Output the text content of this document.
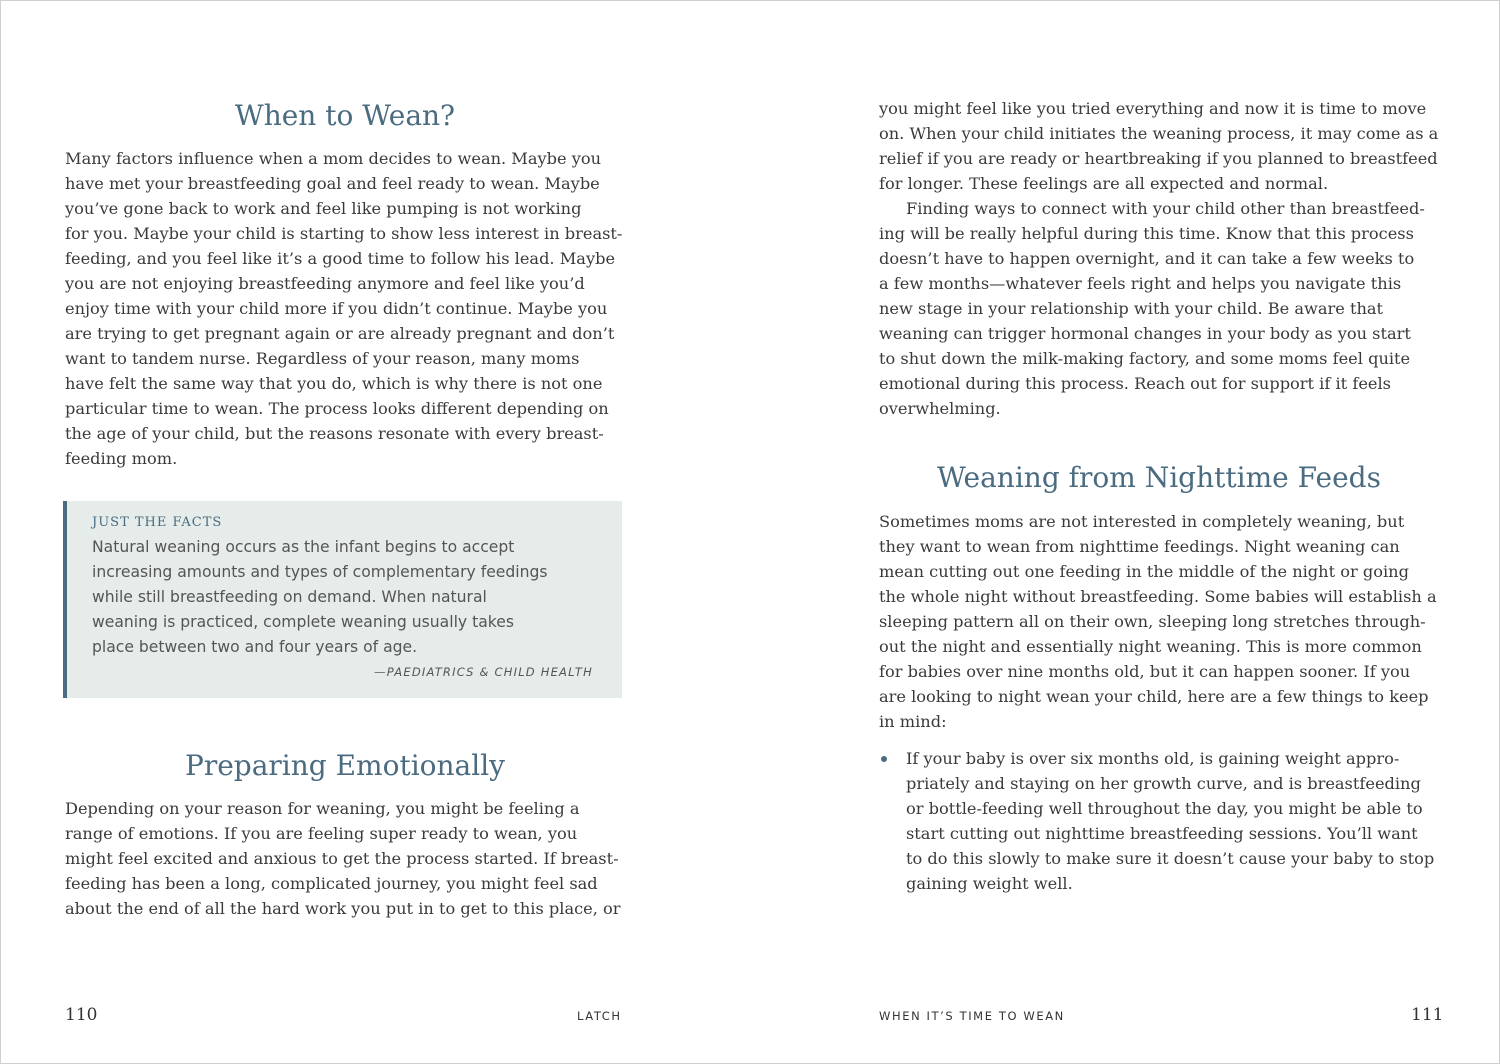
When to Wean?

Many factors influence when a mom decides to wean. Maybe you
have met your breastfeeding goal and feel ready to wean. Maybe
you’ve gone back to work and feel like pumping is not working
for you. Maybe your child is starting to show less interest in breast-
feeding, and you feel like it’s a good time to follow his lead. Maybe
you are not enjoying breastfeeding anymore and feel like you’d
enjoy time with your child more if you didn’t continue. Maybe you
are trying to get pregnant again or are already pregnant and don’t
want to tandem nurse. Regardless of your reason, many moms
have felt the same way that you do, which is why there is not one
particular time to wean. The process looks different depending on
the age of your child, but the reasons resonate with every breast-
feeding mom.

JUST THE FACTS
Natural weaning occurs as the infant begins to accept
increasing amounts and types of complementary feedings
while still breastfeeding on demand. When natural
weaning is practiced, complete weaning usually takes
place between two and four years of age.
—PAEDIATRICS & CHILD HEALTH
Preparing Emotionally

Depending on your reason for weaning, you might be feeling a
range of emotions. If you are feeling super ready to wean, you
might feel excited and anxious to get the process started. If breast-
feeding has been a long, complicated journey, you might feel sad
about the end of all the hard work you put in to get to this place, or

110	LATCH

you might feel like you tried everything and now it is time to move
on. When your child initiates the weaning process, it may come as a
relief if you are ready or heartbreaking if you planned to breastfeed
for longer. These feelings are all expected and normal.

Finding ways to connect with your child other than breastfeed-
ing will be really helpful during this time. Know that this process
doesn’t have to happen overnight, and it can take a few weeks to
a few months—whatever feels right and helps you navigate this
new stage in your relationship with your child. Be aware that
weaning can trigger hormonal changes in your body as you start
to shut down the milk-making factory, and some moms feel quite
emotional during this process. Reach out for support if it feels
overwhelming.

Weaning from Nighttime Feeds

Sometimes moms are not interested in completely weaning, but
they want to wean from nighttime feedings. Night weaning can
mean cutting out one feeding in the middle of the night or going
the whole night without breastfeeding. Some babies will establish a
sleeping pattern all on their own, sleeping long stretches through-
out the night and essentially night weaning. This is more common
for babies over nine months old, but it can happen sooner. If you
are looking to night wean your child, here are a few things to keep
in mind:

If your baby is over six months old, is gaining weight appro-
priately and staying on her growth curve, and is breastfeeding
or bottle-feeding well throughout the day, you might be able to
start cutting out nighttime breastfeeding sessions. You’ll want
to do this slowly to make sure it doesn’t cause your baby to stop
gaining weight well.
WHEN IT’S TIME TO WEAN	111
